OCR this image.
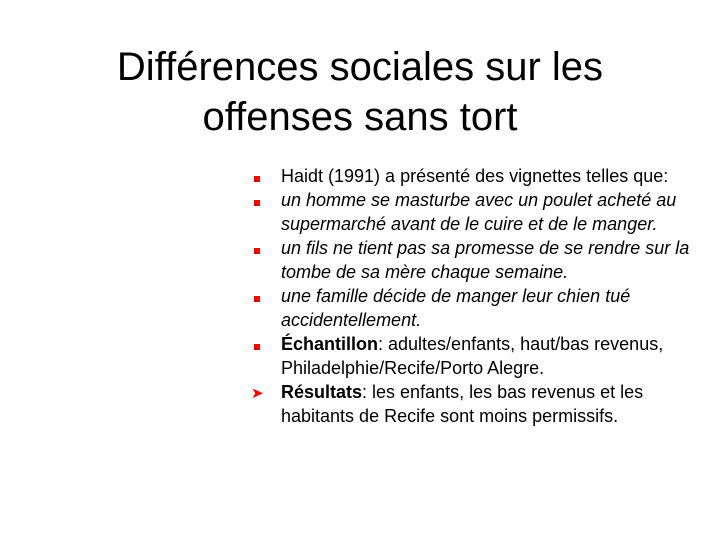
Différences sociales sur les offenses sans tort
Haidt (1991) a présenté des vignettes telles que:
un homme se masturbe avec un poulet acheté au supermarché avant de le cuire et de le manger.
un fils ne tient pas sa promesse de se rendre sur la tombe de sa mère chaque semaine.
une famille décide de manger leur chien tué accidentellement.
Échantillon: adultes/enfants, haut/bas revenus, Philadelphie/Recife/Porto Alegre.
➤ Résultats: les enfants, les bas revenus et les habitants de Recife sont moins permissifs.
